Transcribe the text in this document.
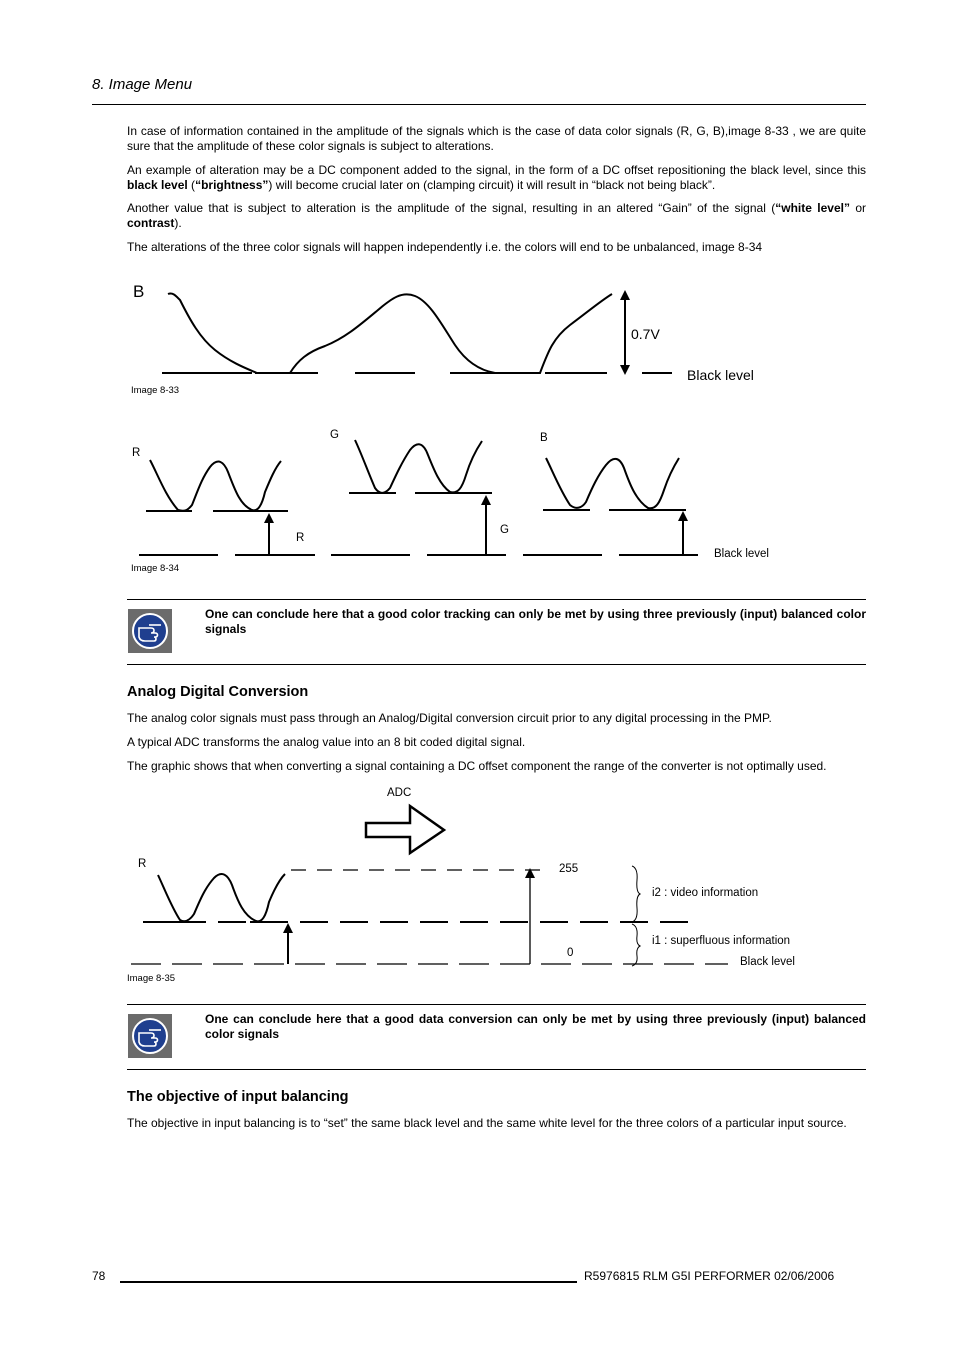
8. Image Menu
In case of information contained in the amplitude of the signals which is the case of data color signals (R, G, B),image 8-33 , we are quite sure that the amplitude of these color signals is subject to alterations.
An example of alteration may be a DC component added to the signal, in the form of a DC offset repositioning the black level, since this black level (“brightness”) will become crucial later on (clamping circuit) it will result in “black not being black”.
Another value that is subject to alteration is the amplitude of the signal, resulting in an altered “Gain” of the signal (“white level” or contrast).
The alterations of the three color signals will happen independently i.e. the colors will end to be unbalanced, image 8-34
B
0.7V
Black level
Image 8-33
R
G	B
R
G
Black level
Image 8-34
One can conclude here that a good color tracking can only be met by using three previously (input) balanced color signals
Analog Digital Conversion
The analog color signals must pass through an Analog/Digital conversion circuit prior to any digital processing in the PMP.
A typical ADC transforms the analog value into an 8 bit coded digital signal.
The graphic shows that when converting a signal containing a DC offset component the range of the converter is not optimally used.
ADC
R	255
0
i2 : video information
i1 : superfluous information
Black level
Image 8-35
One can conclude here that a good data conversion can only be met by using three previously (input) balanced color signals
The objective of input balancing
The objective in input balancing is to “set” the same black level and the same white level for the three colors of a particular input source.
78	R5976815 RLM G5I PERFORMER 02/06/2006
